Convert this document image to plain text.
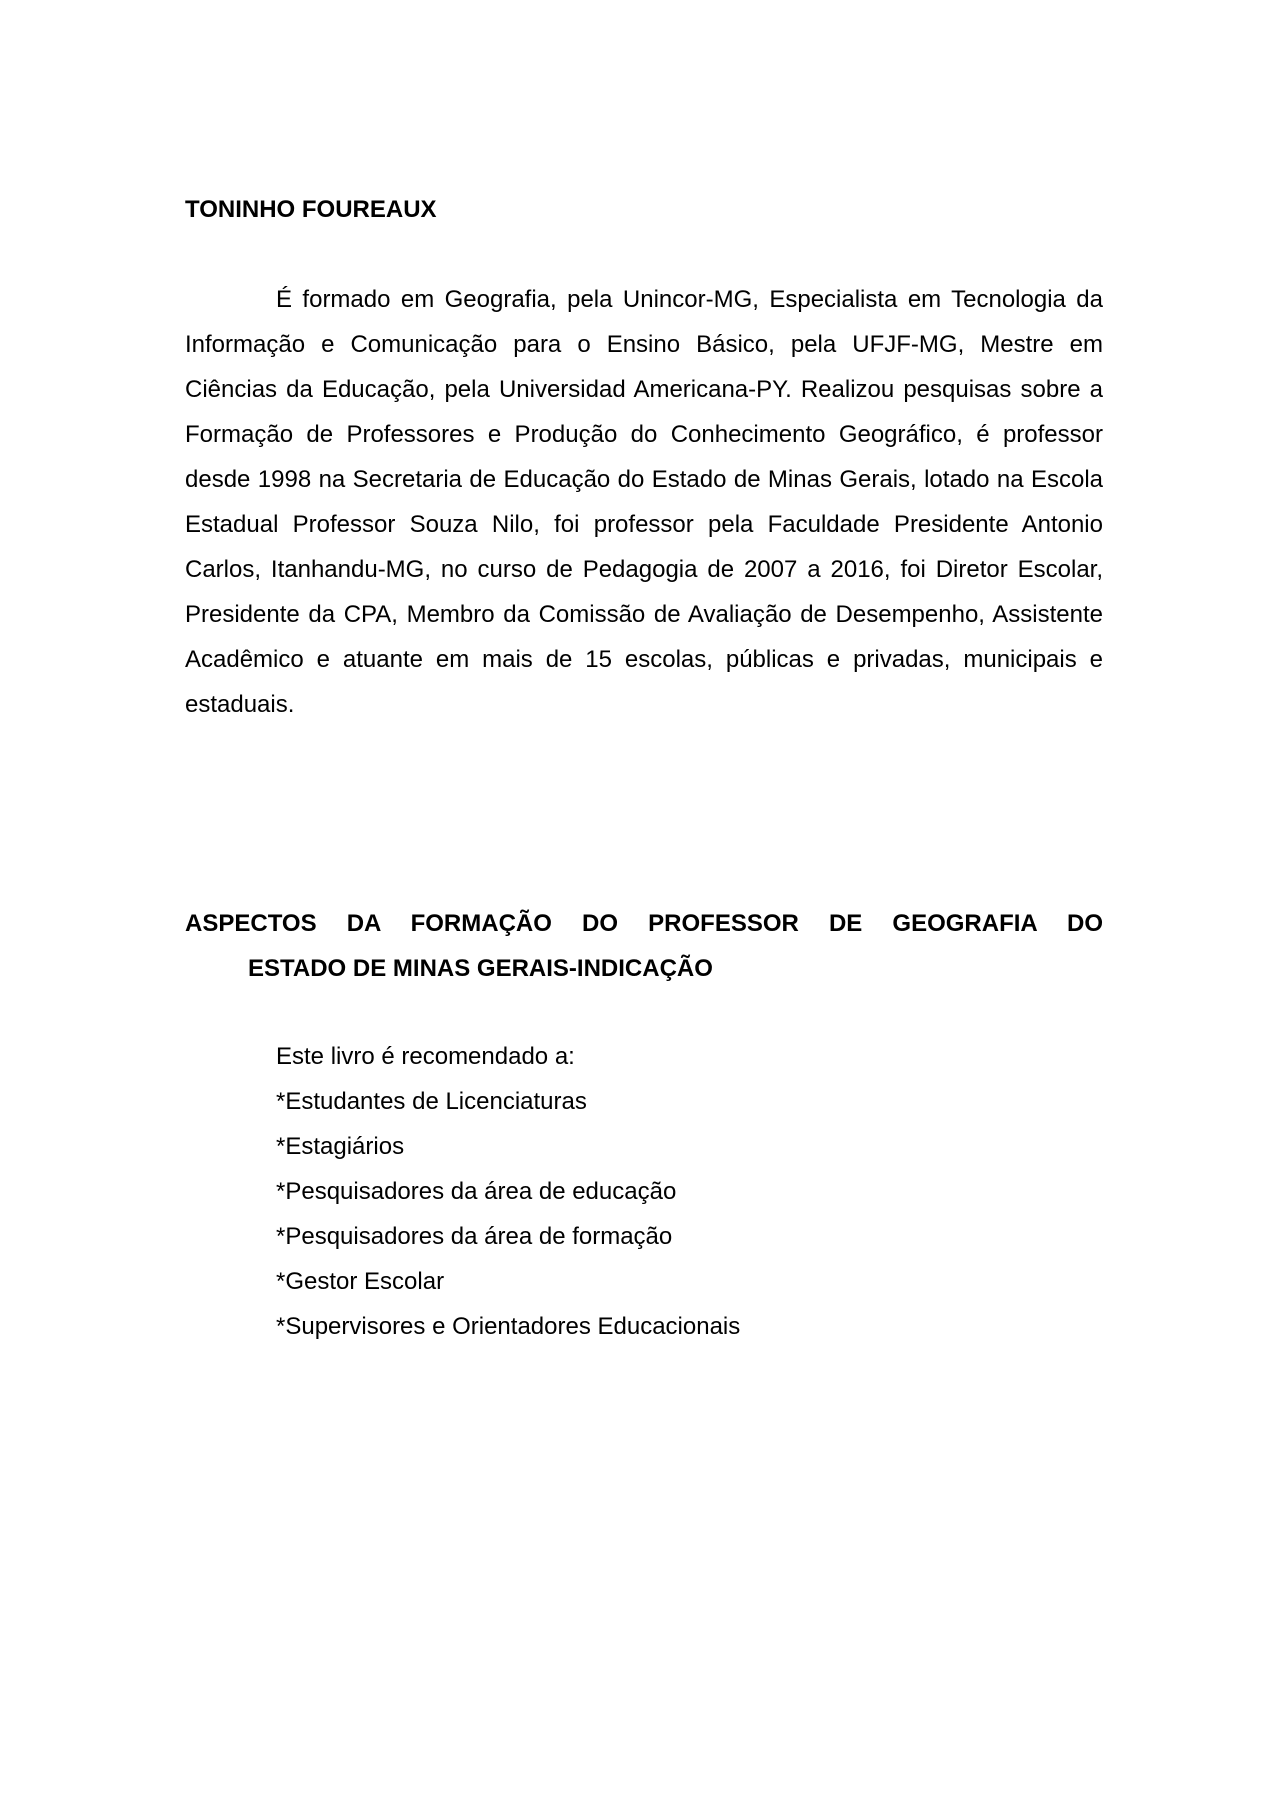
TONINHO FOUREAUX

É formado em Geografia, pela Unincor-MG, Especialista em Tecnologia da Informação e Comunicação para o Ensino Básico, pela UFJF-MG, Mestre em Ciências da Educação, pela Universidad Americana-PY. Realizou pesquisas sobre a Formação de Professores e Produção do Conhecimento Geográfico, é professor desde 1998 na Secretaria de Educação do Estado de Minas Gerais, lotado na Escola Estadual Professor Souza Nilo, foi professor pela Faculdade Presidente Antonio Carlos, Itanhandu-MG, no curso de Pedagogia de 2007 a 2016, foi Diretor Escolar, Presidente da CPA, Membro da Comissão de Avaliação de Desempenho, Assistente Acadêmico e atuante em mais de 15 escolas, públicas e privadas, municipais e estaduais.

ASPECTOS DA FORMAÇÃO DO PROFESSOR DE GEOGRAFIA DO
ESTADO DE MINAS GERAIS-INDICAÇÃO
Este livro é recomendado a:
*Estudantes de Licenciaturas
*Estagiários
*Pesquisadores da área de educação
*Pesquisadores da área de formação
*Gestor Escolar
*Supervisores e Orientadores Educacionais
